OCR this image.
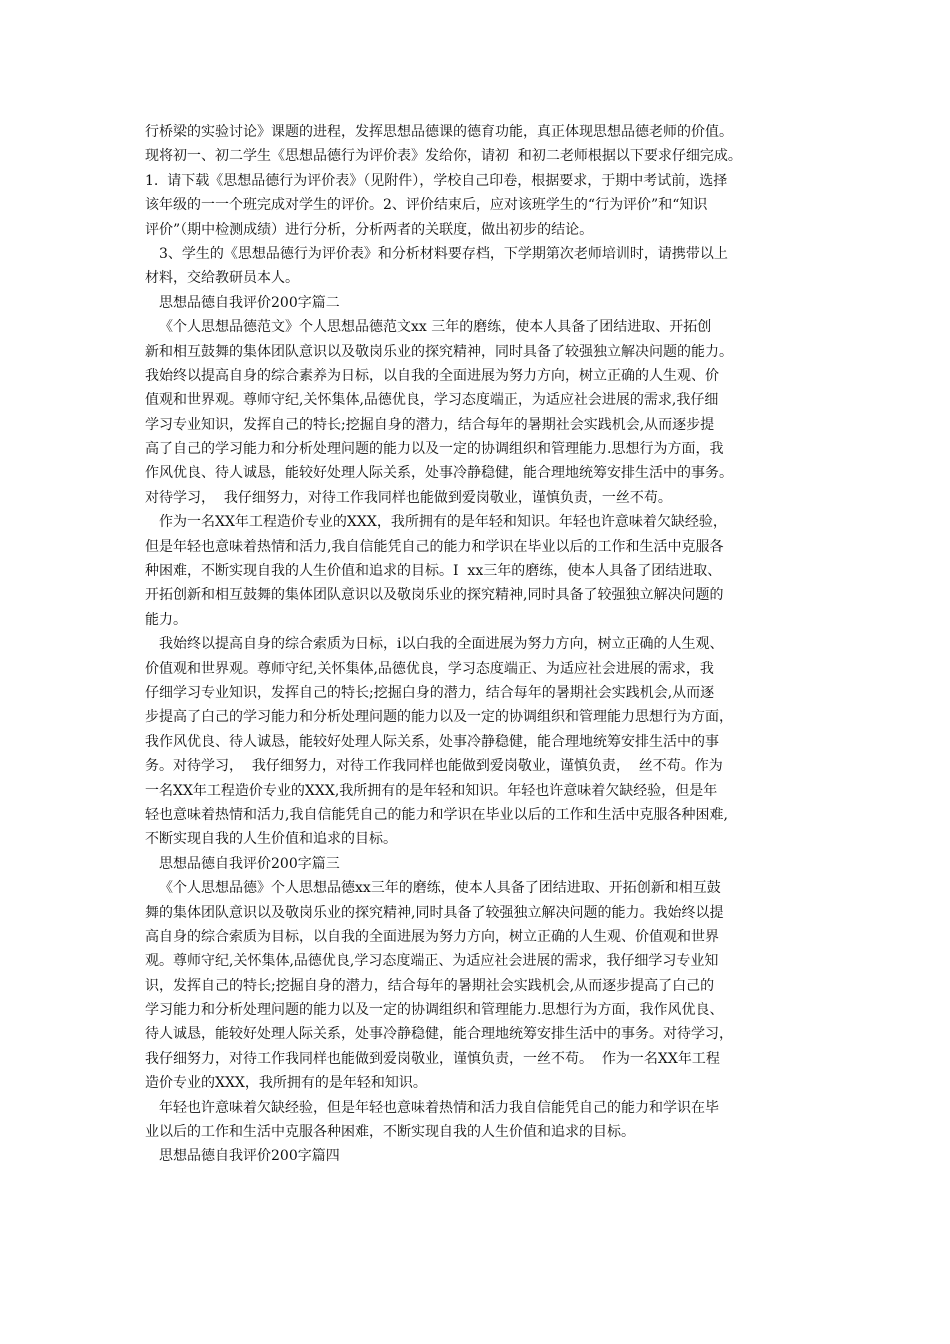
行桥梁的实验讨论》课题的进程，发挥思想品德课的德育功能，真正体现思想品德老师的价值。
现将初一、初二学生《思想品德行为评价表》发给你，请初  和初二老师根据以下要求仔细完成。
1.  请下载《思想品德行为评价表》（见附件），学校自己印卷，根据要求，于期中考试前，选择
该年级的一一个班完成对学生的评价。2、评价结束后，应对该班学生的“行为评价”和“知识
评价”（期中检测成绩）进行分析，分析两者的关联度，做出初步的结论。
3、学生的《思想品德行为评价表》和分析材料要存档，下学期第次老师培训时，请携带以上
材料，交给教研员本人。
思想品德自我评价200字篇二
《个人思想品德范文》个人思想品德范文xx 三年的磨练，使本人具备了团结进取、开拓创
新和相互鼓舞的集体团队意识以及敬岗乐业的探究精神，同时具备了较强独立解决问题的能力。
我始终以提高自身的综合素养为日标，以自我的全面进展为努力方向，树立正确的人生观、价
值观和世界观。尊师守纪,关怀集体,品德优良，学习态度端正，为适应社会进展的需求,我仔细
学习专业知识，发挥自己的特长;挖掘自身的潜力，结合每年的暑期社会实践机会,从而逐步提
高了自己的学习能力和分析处理问题的能力以及一定的协调组织和管理能力.思想行为方面，我
作风优良、待人诚恳，能较好处理人际关系，处事冷静稳健，能合理地统筹安排生活中的事务。
对待学习，  我仔细努力，对待工作我同样也能做到爱岗敬业，谨慎负责，一丝不苟。
作为一名XX年工程造价专业的XXX，我所拥有的是年轻和知识。年轻也许意味着欠缺经验，
但是年轻也意味着热情和活力,我自信能凭自己的能力和学识在毕业以后的工作和生活中克服各
种困难，不断实现自我的人生价值和追求的目标。I  xx三年的磨练，使本人具备了团结进取、
开拓创新和相互鼓舞的集体团队意识以及敬岗乐业的探究精神,同时具备了较强独立解决问题的
能力。
我始终以提高自身的综合索质为日标，i以白我的全面进展为努力方向，树立正确的人生观、
价值观和世界观。尊师守纪,关怀集体,品德优良，学习态度端正、为适应社会进展的需求，我
仔细学习专业知识，发挥自己的特长;挖掘白身的潜力，结合每年的暑期社会实践机会,从而逐
步提高了白己的学习能力和分析处理问题的能力以及一定的协调组织和管理能力思想行为方面，
我作风优良、待人诚恳，能较好处理人际关系，处事冷静稳健，能合理地统筹安排生活中的事
务。对待学习，  我仔细努力，对待工作我同样也能做到爱岗敬业，谨慎负责，  丝不苟。作为
一名XX年工程造价专业的XXX,我所拥有的是年轻和知识。年轻也许意味着欠缺经验，但是年
轻也意味着热情和活力,我自信能凭自己的能力和学识在毕业以后的工作和生活中克服各种困难,
不断实现自我的人生价值和追求的目标。
思想品德自我评价200字篇三
《个人思想品德》个人思想品德xx三年的磨练，使本人具备了团结进取、开拓创新和相互鼓
舞的集体团队意识以及敬岗乐业的探究精神,同时具备了较强独立解决问题的能力。我始终以提
高自身的综合索质为目标，以自我的全面进展为努力方向，树立正确的人生观、价值观和世界
观。尊师守纪,关怀集体,品德优良,学习态度端正、为适应社会进展的需求，我仔细学习专业知
识，发挥自己的特长;挖掘自身的潜力，结合每年的暑期社会实践机会,从而逐步提高了白己的
学习能力和分析处理问题的能力以及一定的协调组织和管理能力.思想行为方面，我作风优良、
待人诚恳，能较好处理人际关系，处事冷静稳健，能合理地统筹安排生活中的事务。对待学习，
我仔细努力，对待工作我同样也能做到爱岗敬业，谨慎负责，一丝不苟。  作为一名XX年工程
造价专业的XXX，我所拥有的是年轻和知识。
年轻也许意味着欠缺经验，但是年轻也意味着热情和活力我自信能凭自己的能力和学识在毕
业以后的工作和生活中克服各种困难，不断实现自我的人生价值和追求的目标。
思想品德自我评价200字篇四
